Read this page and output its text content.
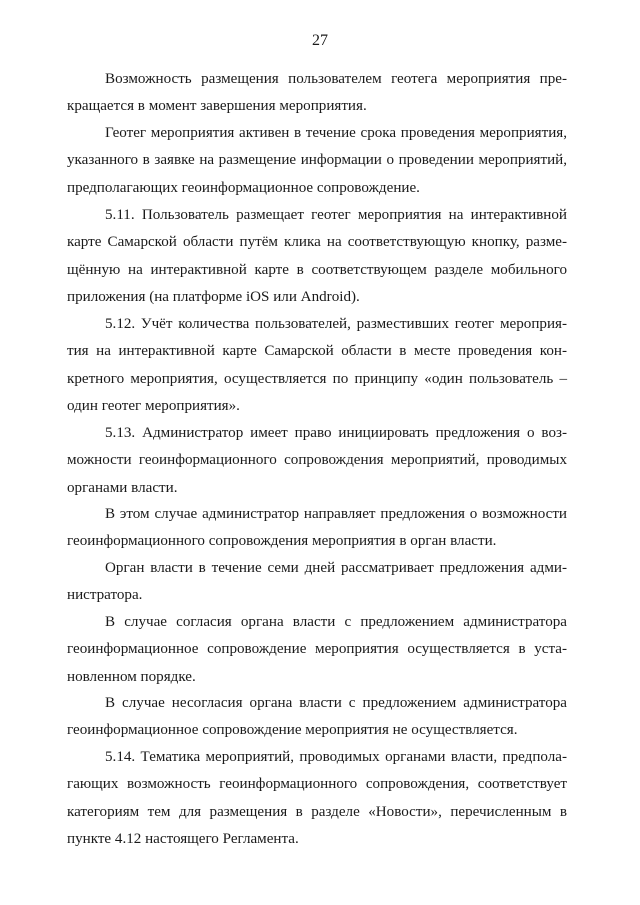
27

Возможность размещения пользователем геотега мероприятия пре-
кращается в момент завершения мероприятия.

Геотег мероприятия активен в течение срока проведения мероприятия,
указанного в заявке на размещение информации о проведении мероприятий,
предполагающих геоинформационное сопровождение.

5.11. Пользователь размещает геотег мероприятия на интерактивной
карте Самарской области путём клика на соответствующую кнопку, разме-
щённую на интерактивной карте в соответствующем разделе мобильного
приложения (на платформе iOS или Android).

5.12. Учёт количества пользователей, разместивших геотег мероприя-
тия на интерактивной карте Самарской области в месте проведения кон-
кретного мероприятия, осуществляется по принципу «один пользователь –
один геотег мероприятия».

5.13. Администратор имеет право инициировать предложения о воз-
можности геоинформационного сопровождения мероприятий, проводимых
органами власти.

В этом случае администратор направляет предложения о возможности
геоинформационного сопровождения мероприятия в орган власти.

Орган власти в течение семи дней рассматривает предложения адми-
нистратора.

В случае согласия органа власти с предложением администратора
геоинформационное сопровождение мероприятия осуществляется в уста-
новленном порядке.

В случае несогласия органа власти с предложением администратора
геоинформационное сопровождение мероприятия не осуществляется.

5.14. Тематика мероприятий, проводимых органами власти, предпола-
гающих возможность геоинформационного сопровождения, соответствует
категориям тем для размещения в разделе «Новости», перечисленным в
пункте 4.12 настоящего Регламента.
